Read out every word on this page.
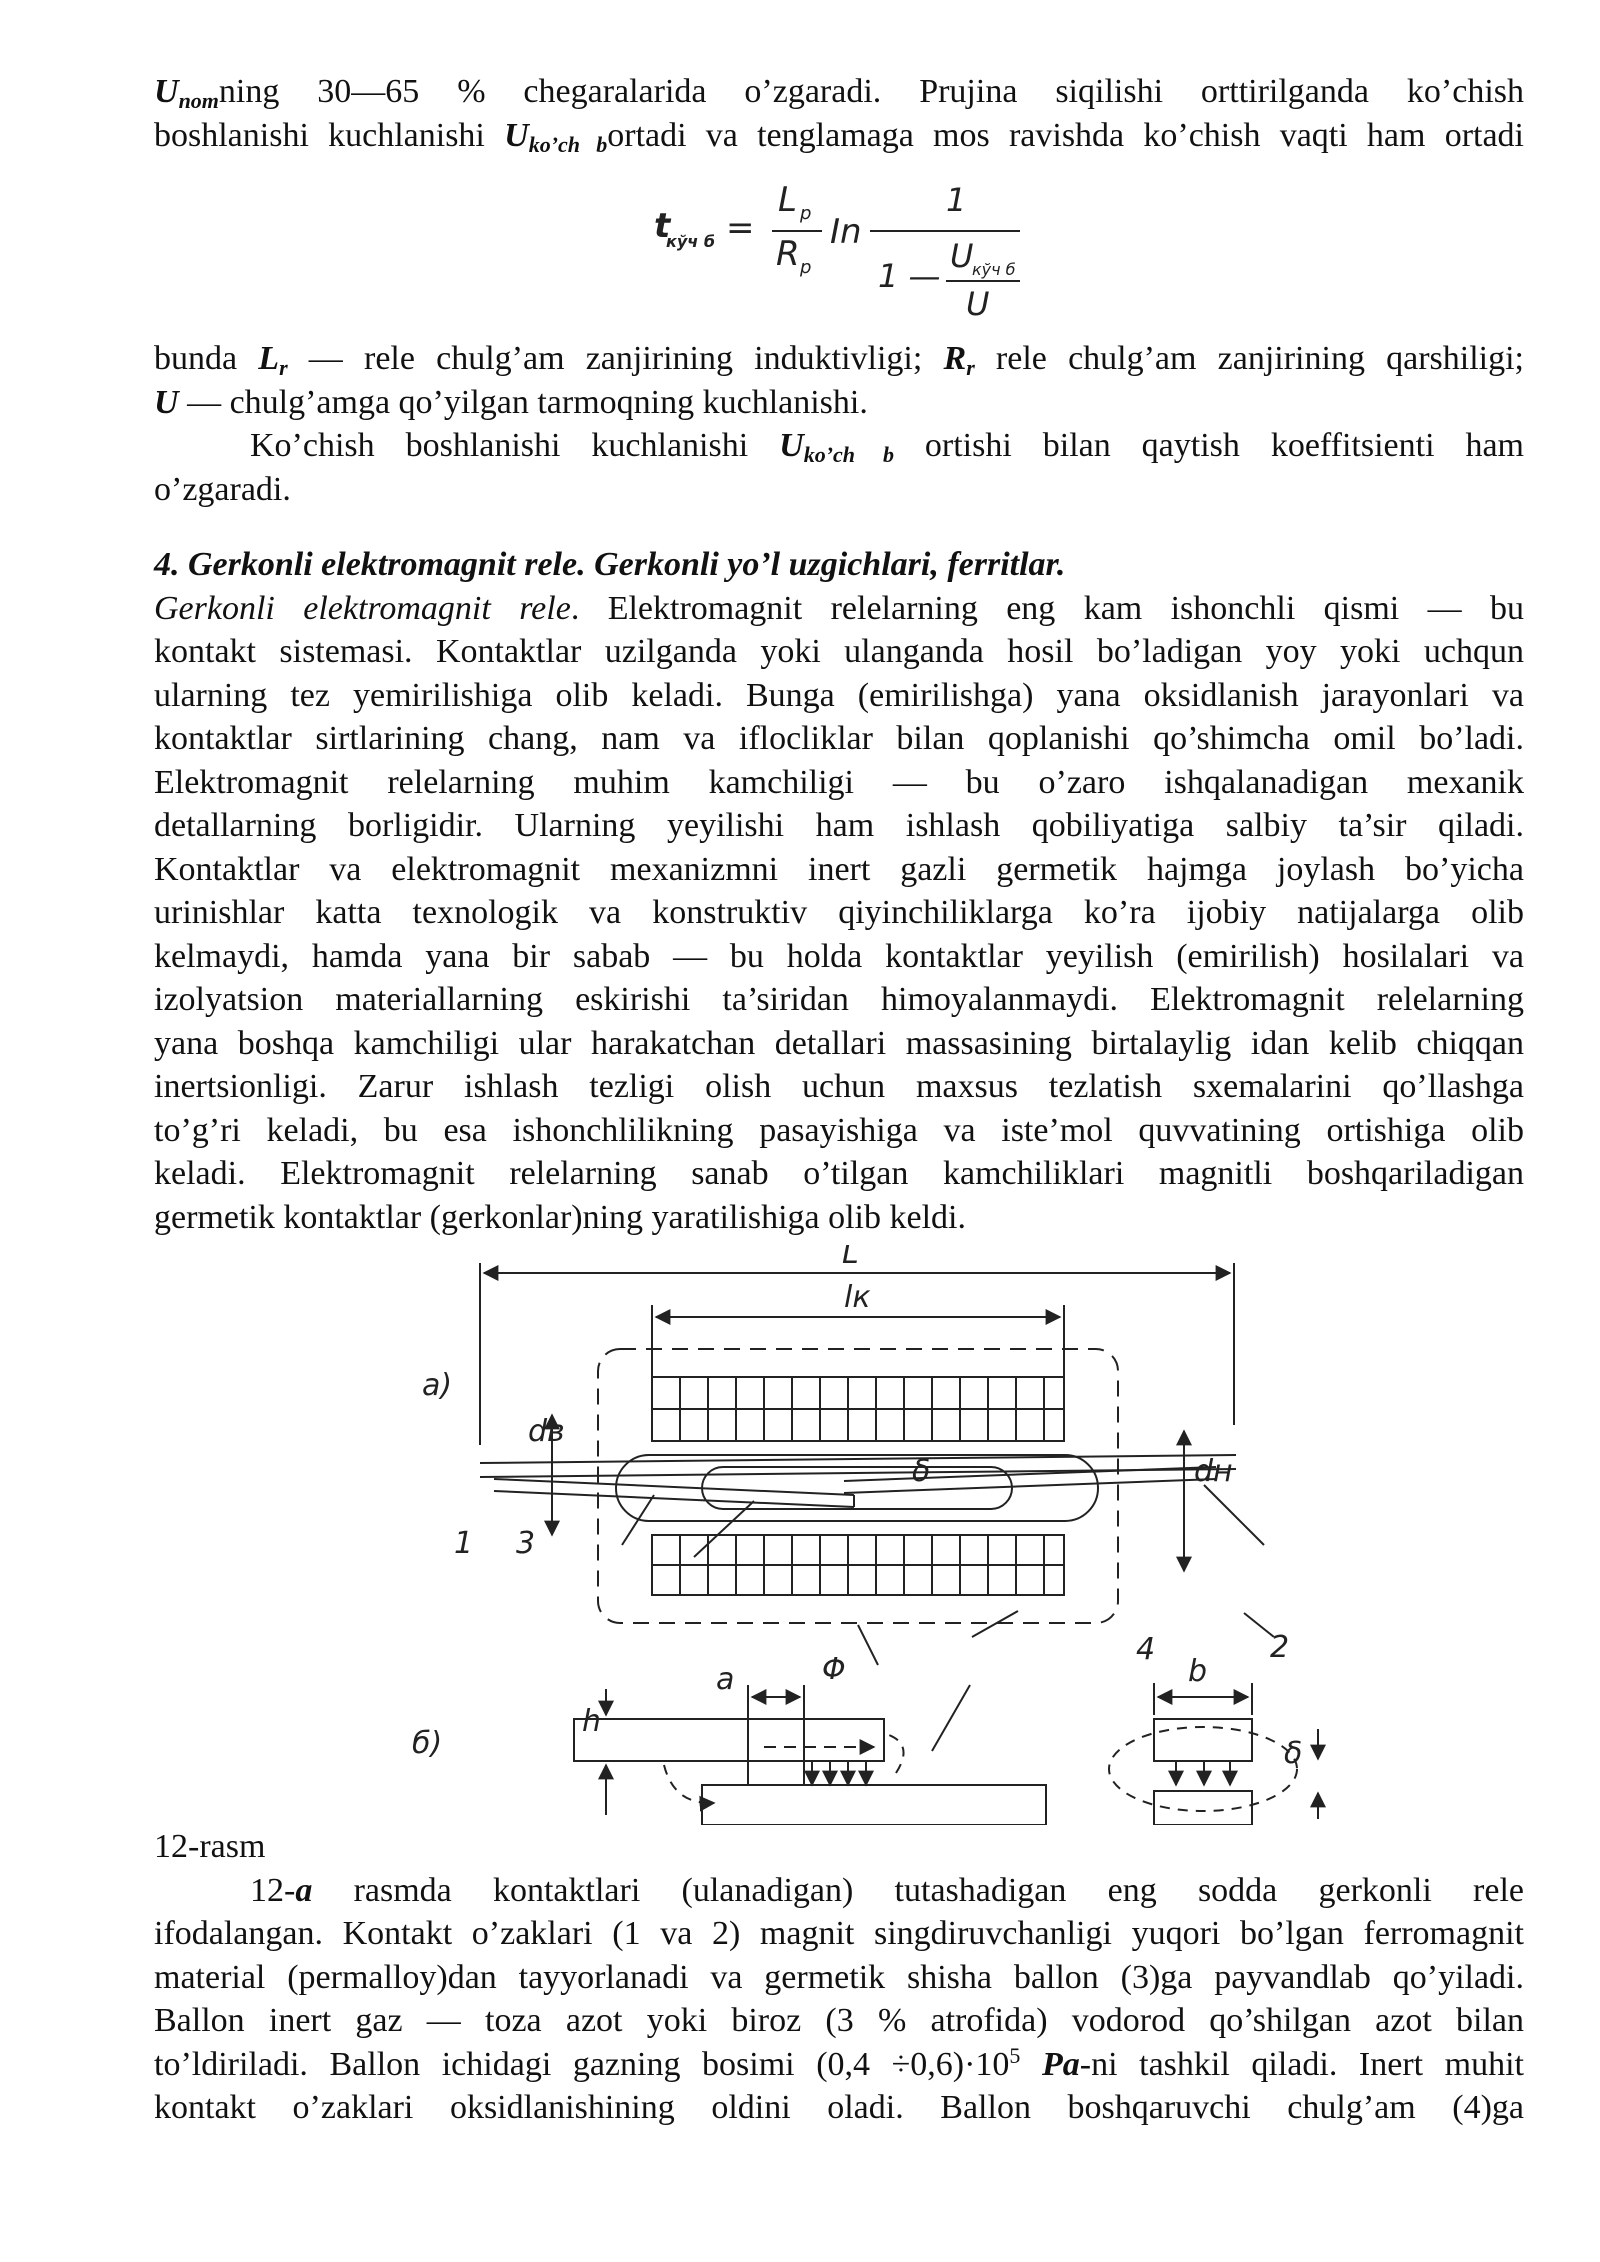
$U_{nom}ning$ 30—65 % chegaralarida o’zgaradi. Prujina siqilishi orttirilganda ko’chish
boshlanishi kuchlanishi $U_{ko’ch b}ortadi$ va tenglamaga mos ravishda ko’chish vaqti ham ortadi

t
кўч б =
L p
R p
In
1
1 —
U
кўч б
U

bunda $L_r$ — rele chulg’am zanjirining induktivligi; $R_r$ rele chulg’am zanjirining qarshiligi;
U — chulg’amga qo’yilgan tarmoqning kuchlanishi.

Ko’chish boshlanishi kuchlanishi $U_{ko’ch b}$ ortishi bilan qaytish koeffitsienti ham
o’zgaradi.

4. Gerkonli elektromagnit rele. Gerkonli yo’l uzgichlari, ferritlar.

Gerkonli elektromagnit rele. Elektromagnit relelarning eng kam ishonchli qismi — bu
kontakt sistemasi. Kontaktlar uzilganda yoki ulanganda hosil bo’ladigan yoy yoki uchqun
ularning tez yemirilishiga olib keladi. Bunga (emirilishga) yana oksidlanish jarayonlari va
kontaktlar sirtlarining chang, nam va ifloсliklar bilan qoplanishi qo’shimcha omil bo’ladi.
Elektromagnit relelarning muhim kamchiligi — bu o’zaro ishqalanadigan mexanik
detallarning borligidir. Ularning yeyilishi ham ishlash qobiliyatiga salbiy ta’sir qiladi.
Kontaktlar va elektromagnit mexanizmni inert gazli germetik hajmga joylash bo’yicha
urinishlar katta texnologik va konstruktiv qiyinchiliklarga ko’ra ijobiy natijalarga olib
kelmaydi, hamda yana bir sabab — bu holda kontaktlar yeyilish (emirilish) hosilalari va
izolyatsion materiallarning eskirishi ta’siridan himoyalanmaydi. Elektromagnit relelarning
yana boshqa kamchiligi ular harakatchan detallari massasining birtalaylig idan kelib chiqqan
inertsionligi. Zarur ishlash tezligi olish uchun maxsus tezlatish sxemalarini qo’llashga
to’g’ri keladi, bu esa ishonchlilikning pasayishiga va iste’mol quvvatining ortishiga olib
keladi. Elektromagnit relelarning sanab o’tilgan kamchiliklari magnitli boshqariladigan
germetik kontaktlar (gerkonlar)ning yaratilishiga olib keldi.

L
lк
a)
б)
dв
dн
δ
1
2
3
4
Φ
a	b
h
δ

12-rasm

12-a rasmda kontaktlari (ulanadigan) tutashadigan eng sodda gerkonli rele
ifodalangan. Kontakt o’zaklari (1 va 2) magnit singdiruvchanligi yuqori bo’lgan ferromagnit
material (permalloy)dan tayyorlanadi va germetik shisha ballon (3)ga payvandlab qo’yiladi.
Ballon inert gaz — toza azot yoki biroz (3 % atrofida) vodorod qo’shilgan azot bilan
to’ldiriladi. Ballon ichidagi gazning bosimi $(0,4 \div 0,6)\cdot 10^5$ Pa-ni tashkil qiladi. Inert muhit
kontakt o’zaklari oksidlanishining oldini oladi. Ballon boshqaruvchi chulg’am (4)ga
